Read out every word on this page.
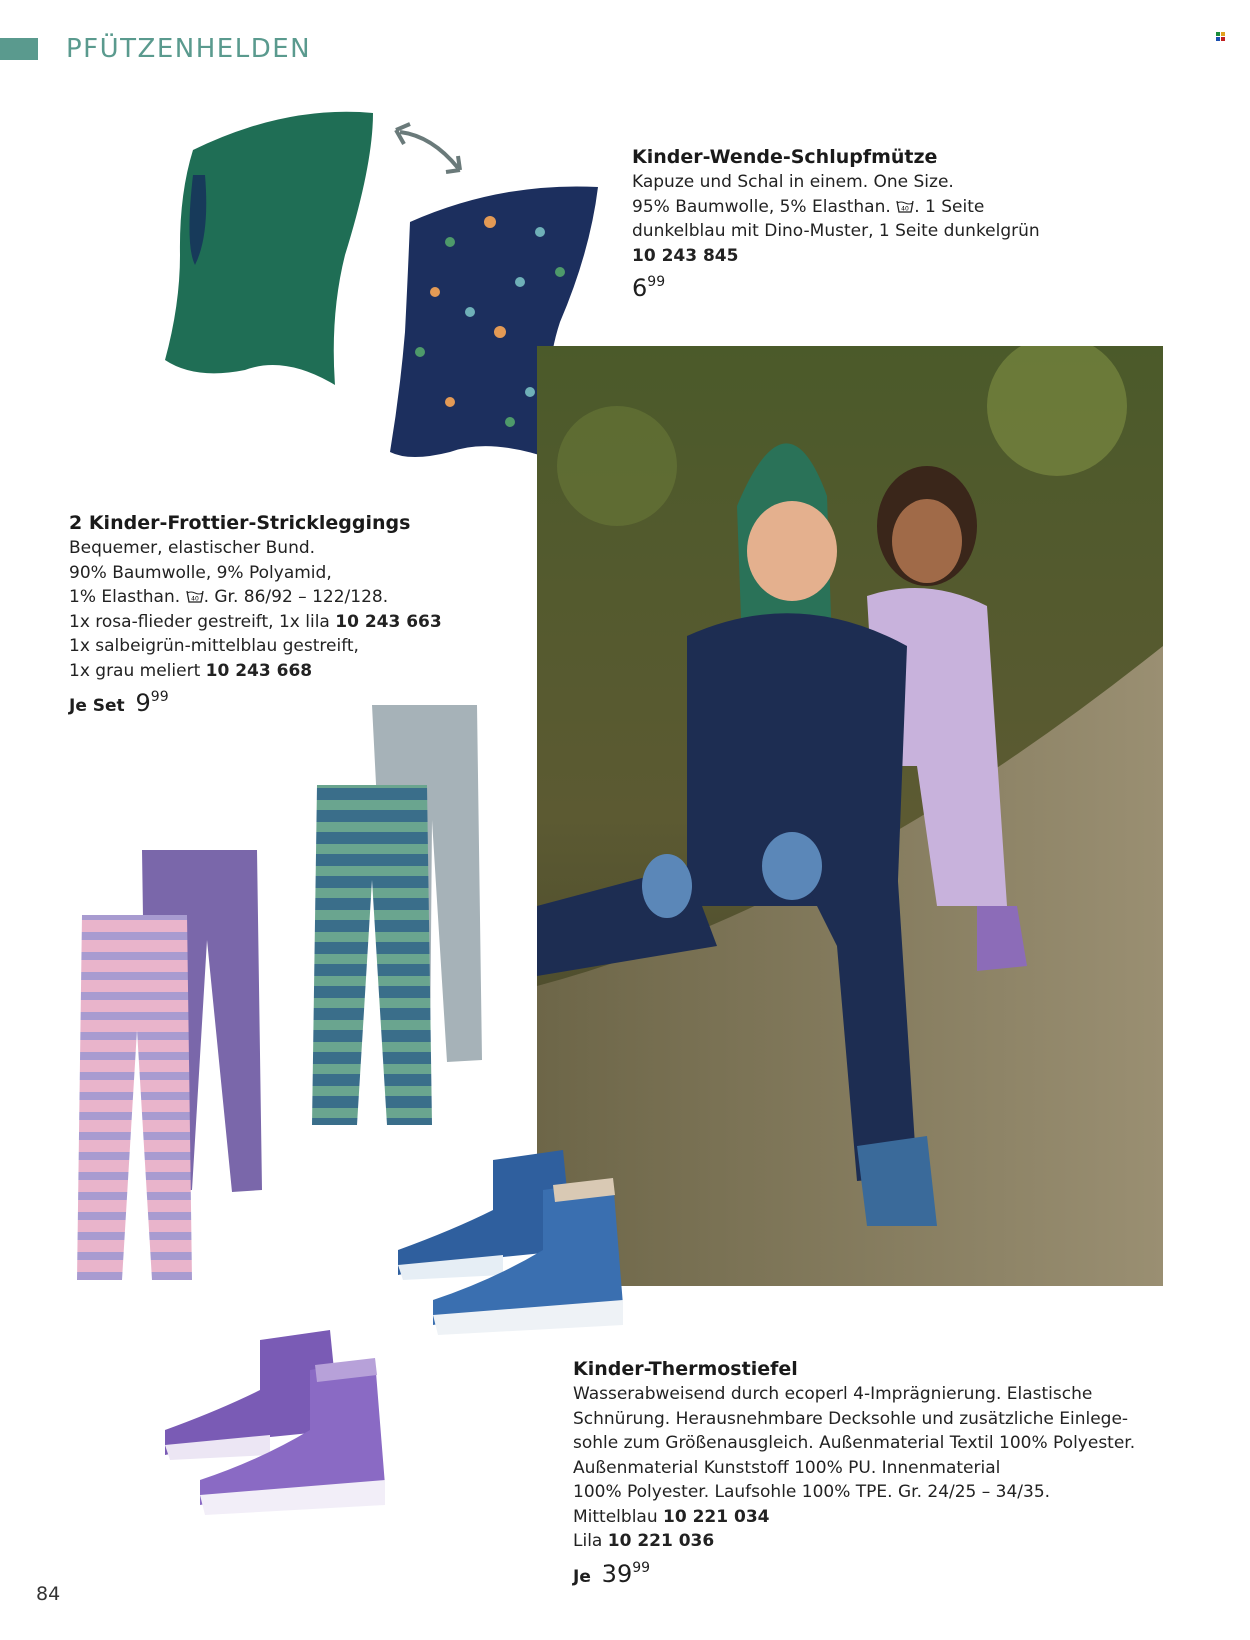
PFÜTZENHELDEN
Kinder-Wende-Schlupfmütze

Kapuze und Schal in einem. One Size.

95% Baumwolle, 5% Elasthan. 40 . 1 Seite

dunkelblau mit Dino-Muster, 1 Seite dunkelgrün

10 243 845

$6^{99}$
2 Kinder-Frottier-Strickleggings

Bequemer, elastischer Bund.

90% Baumwolle, 9% Polyamid,

1% Elasthan. 40 . Gr. 86/92 – 122/128.

1x rosa-flieder gestreift, 1x lila 10 243 663

1x salbeigrün-mittelblau gestreift,

1x grau meliert 10 243 668

Je Set $9^{99}$
Kinder-Thermostiefel

Wasserabweisend durch ecoperl 4-Imprägnierung. Elastische

Schnürung. Herausnehmbare Decksohle und zusätzliche Einlege-

sohle zum Größenausgleich. Außenmaterial Textil 100% Polyester.

Außenmaterial Kunststoff 100% PU. Innenmaterial

100% Polyester. Laufsohle 100% TPE. Gr. 24/25 – 34/35.

Mittelblau 10 221 034

Lila 10 221 036

Je $39^{99}$
84
